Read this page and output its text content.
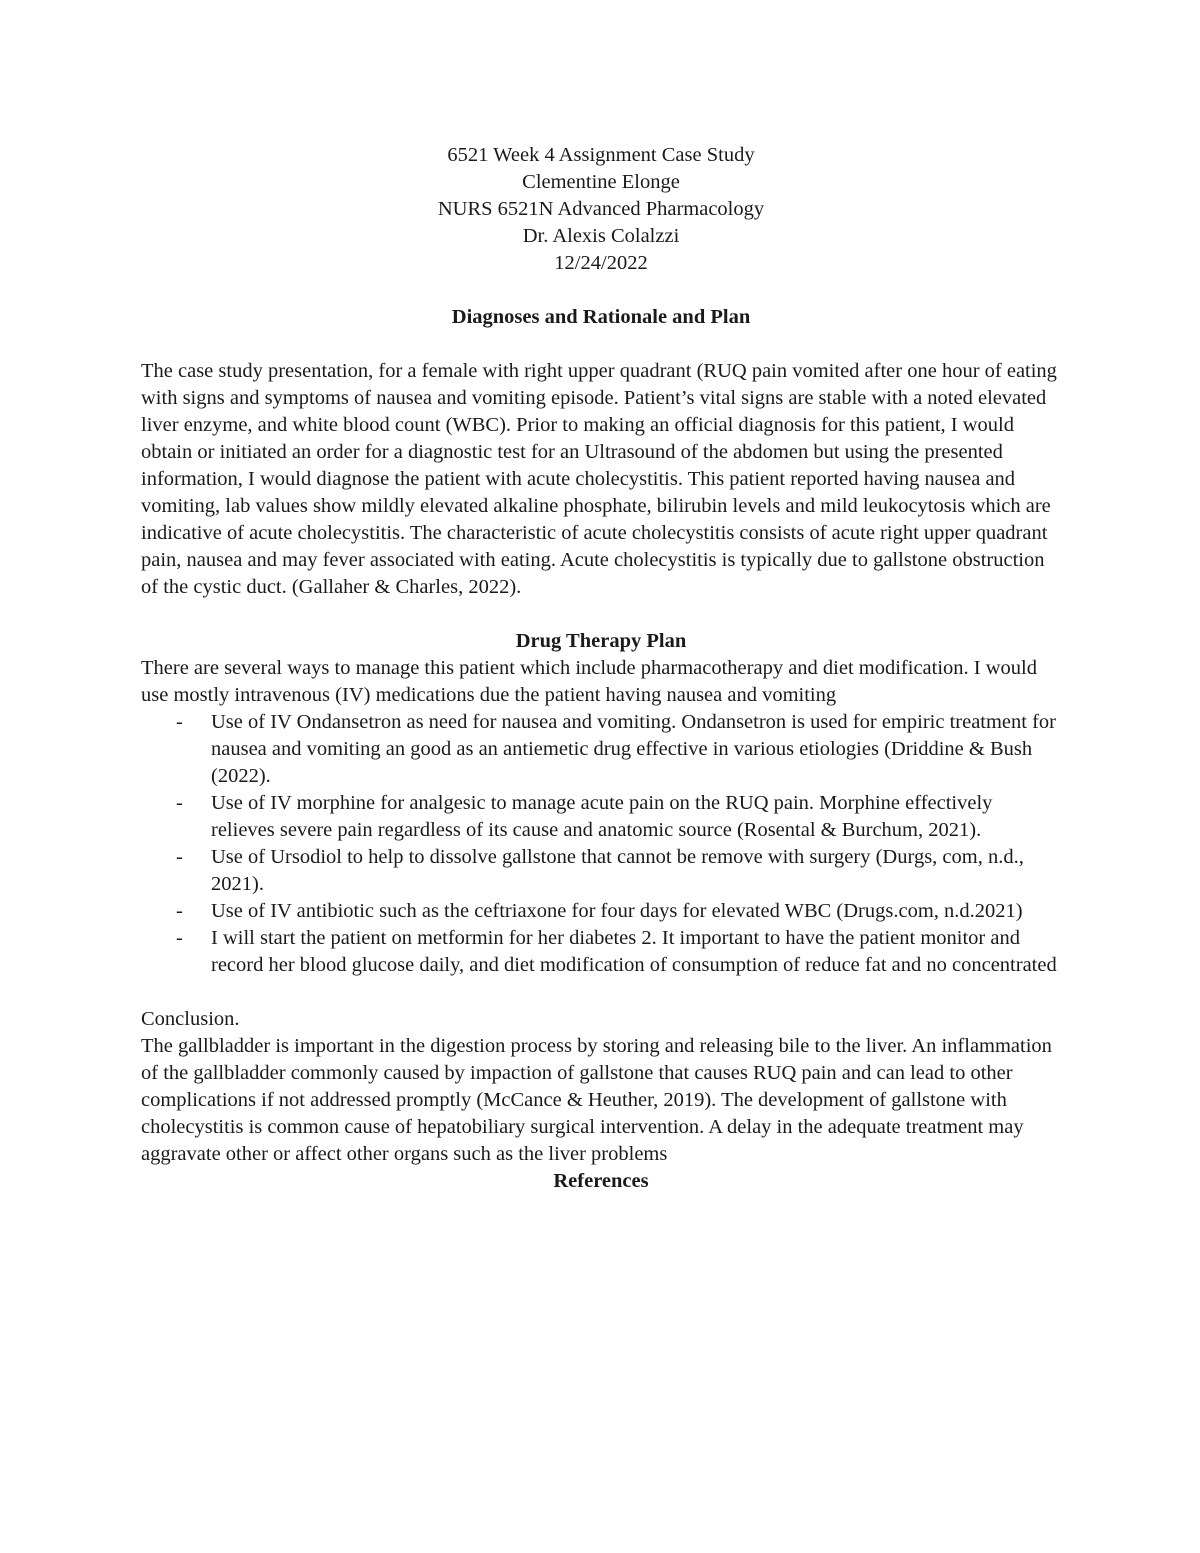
6521 Week 4 Assignment Case Study
Clementine Elonge
NURS 6521N Advanced Pharmacology
Dr. Alexis Colalzzi
12/24/2022
Diagnoses and Rationale and Plan

The case study presentation, for a female with right upper quadrant (RUQ pain vomited after one hour of eating with signs and symptoms of nausea and vomiting episode. Patient’s vital signs are stable with a noted elevated liver enzyme, and white blood count (WBC). Prior to making an official diagnosis for this patient, I would obtain or initiated an order for a diagnostic test for an Ultrasound of the abdomen but using the presented information, I would diagnose the patient with acute cholecystitis. This patient reported having nausea and vomiting, lab values show mildly elevated alkaline phosphate, bilirubin levels and mild leukocytosis which are indicative of acute cholecystitis. The characteristic of acute cholecystitis consists of acute right upper quadrant pain, nausea and may fever associated with eating. Acute cholecystitis is typically due to gallstone obstruction of the cystic duct. (Gallaher & Charles, 2022).

Drug Therapy Plan

There are several ways to manage this patient which include pharmacotherapy and diet modification. I would use mostly intravenous (IV) medications due the patient having nausea and vomiting

- Use of IV Ondansetron as need for nausea and vomiting. Ondansetron is used for empiric treatment for nausea and vomiting an good as an antiemetic drug effective in various etiologies (Driddine & Bush (2022).
- Use of IV morphine for analgesic to manage acute pain on the RUQ pain. Morphine effectively relieves severe pain regardless of its cause and anatomic source (Rosental & Burchum, 2021).
- Use of Ursodiol to help to dissolve gallstone that cannot be remove with surgery (Durgs, com, n.d., 2021).
- Use of IV antibiotic such as the ceftriaxone for four days for elevated WBC (Drugs.com, n.d.2021)
- I will start the patient on metformin for her diabetes 2. It important to have the patient monitor and record her blood glucose daily, and diet modification of consumption of reduce fat and no concentrated

Conclusion.

The gallbladder is important in the digestion process by storing and releasing bile to the liver. An inflammation of the gallbladder commonly caused by impaction of gallstone that causes RUQ pain and can lead to other complications if not addressed promptly (McCance & Heuther, 2019). The development of gallstone with cholecystitis is common cause of hepatobiliary surgical intervention. A delay in the adequate treatment may aggravate other or affect other organs such as the liver problems

References
